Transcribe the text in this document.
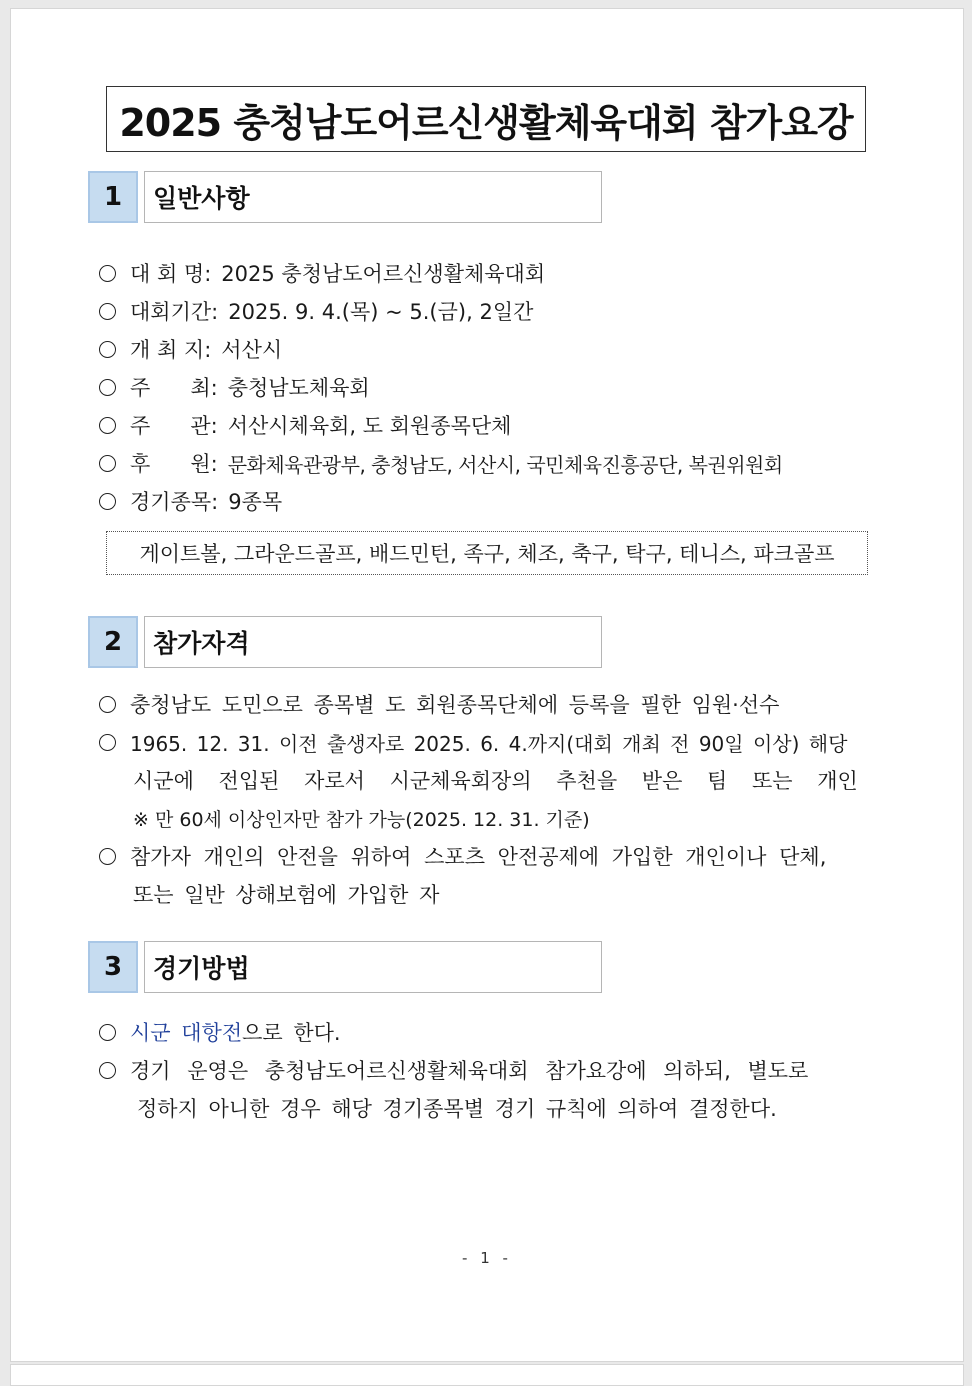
2025 충청남도어르신생활체육대회 참가요강
1	일반사항
대 회 명: 2025 충청남도어르신생활체육대회
대회기간: 2025. 9. 4.(목) ~ 5.(금), 2일간
개 최 지: 서산시
주      최: 충청남도체육회
주      관: 서산시체육회, 도 회원종목단체
후      원: 문화체육관광부, 충청남도, 서산시, 국민체육진흥공단, 복권위원회
경기종목: 9종목
게이트볼, 그라운드골프, 배드민턴, 족구, 체조, 축구, 탁구, 테니스, 파크골프
2	참가자격
충청남도 도민으로 종목별 도 회원종목단체에 등록을 필한 임원·선수
1965. 12. 31. 이전 출생자로 2025. 6. 4.까지(대회 개최 전 90일 이상) 해당
시군에 전입된 자로서 시군체육회장의 추천을 받은 팀 또는 개인
※ 만 60세 이상인자만 참가 가능(2025. 12. 31. 기준)
참가자 개인의 안전을 위하여 스포츠 안전공제에 가입한 개인이나 단체,
또는 일반 상해보험에 가입한 자
3	경기방법
시군 대항전 으로 한다.
경기 운영은 충청남도어르신생활체육대회 참가요강에 의하되, 별도로
정하지 아니한 경우 해당 경기종목별 경기 규칙에 의하여 결정한다.
- 1 -
